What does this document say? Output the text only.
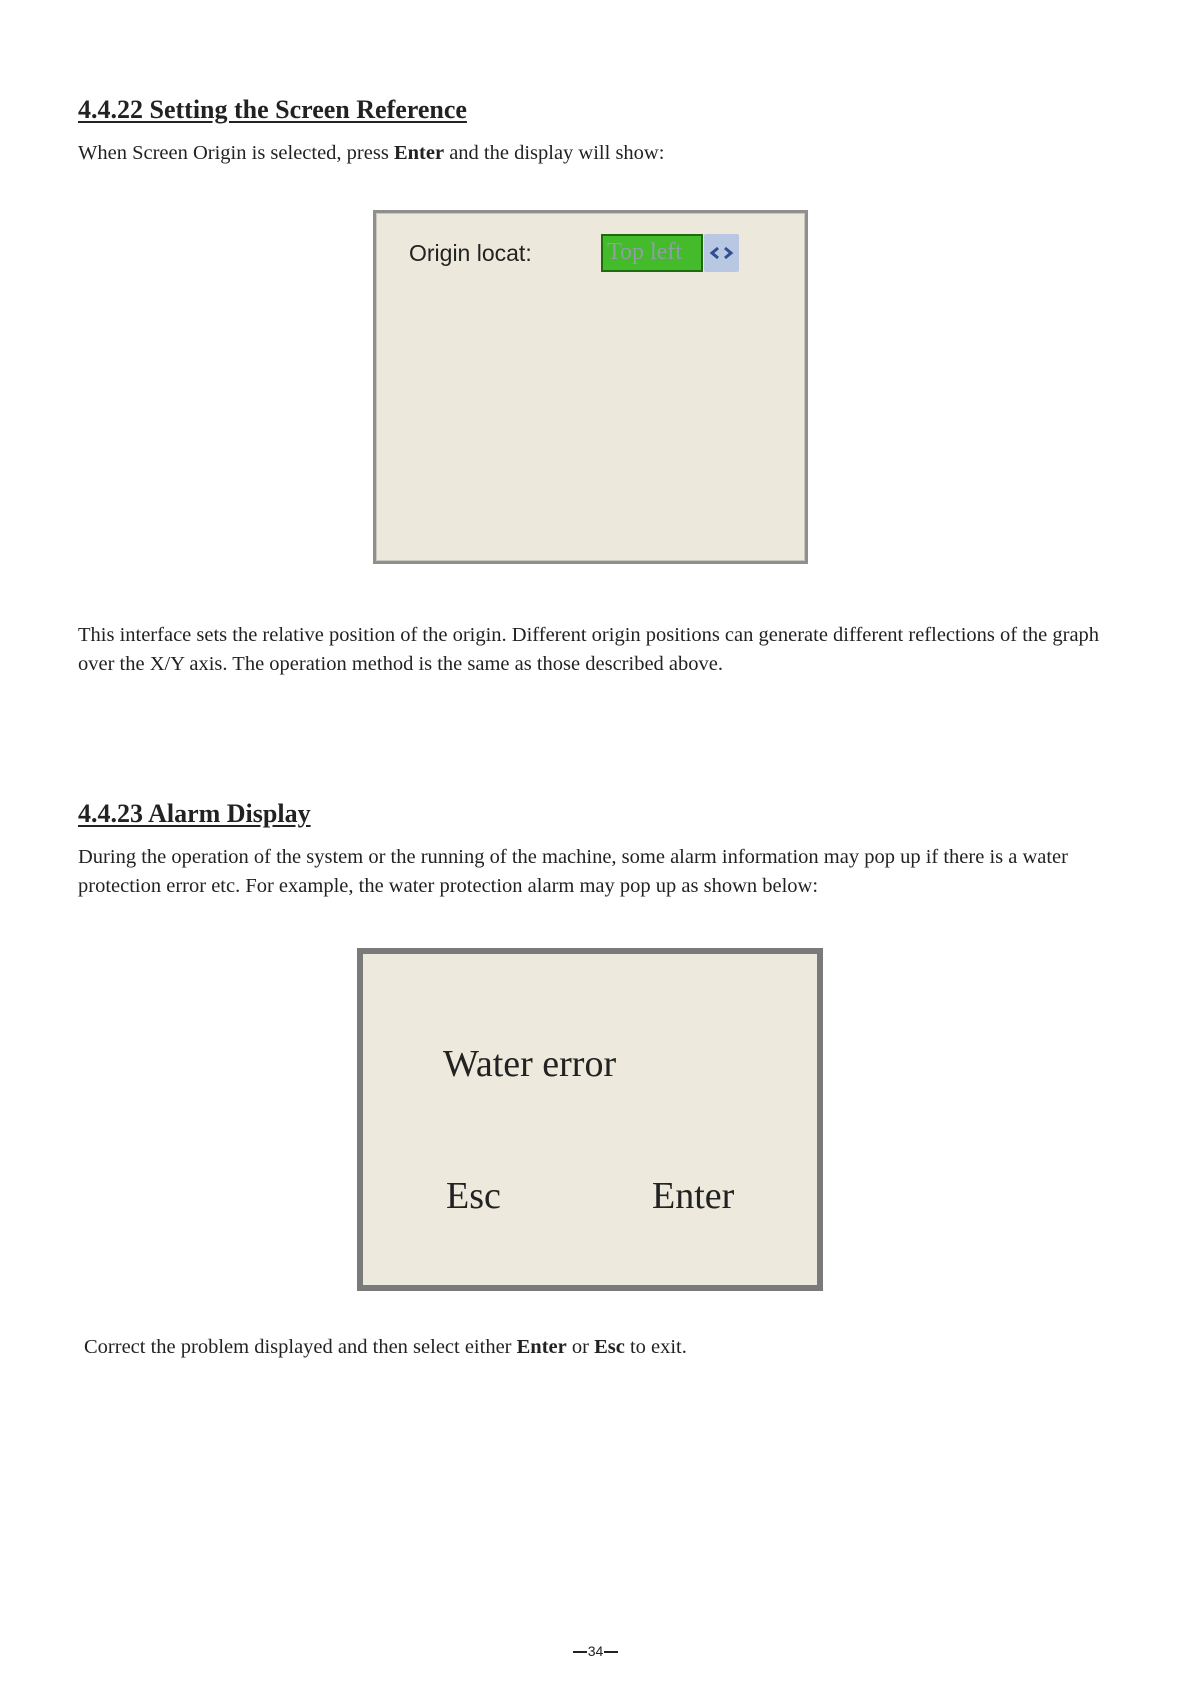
4.4.22 Setting the Screen Reference

When Screen Origin is selected, press Enter and the display will show:

Origin locat:	Top left

This interface sets the relative position of the origin. Different origin positions can generate different reflections of the graph over the X/Y axis. The operation method is the same as those described above.

4.4.23 Alarm Display

During the operation of the system or the running of the machine, some alarm information may pop up if there is a water protection error etc. For example, the water protection alarm may pop up as shown below:

Water error
Esc	Enter

Correct the problem displayed and then select either Enter or Esc to exit.

34
